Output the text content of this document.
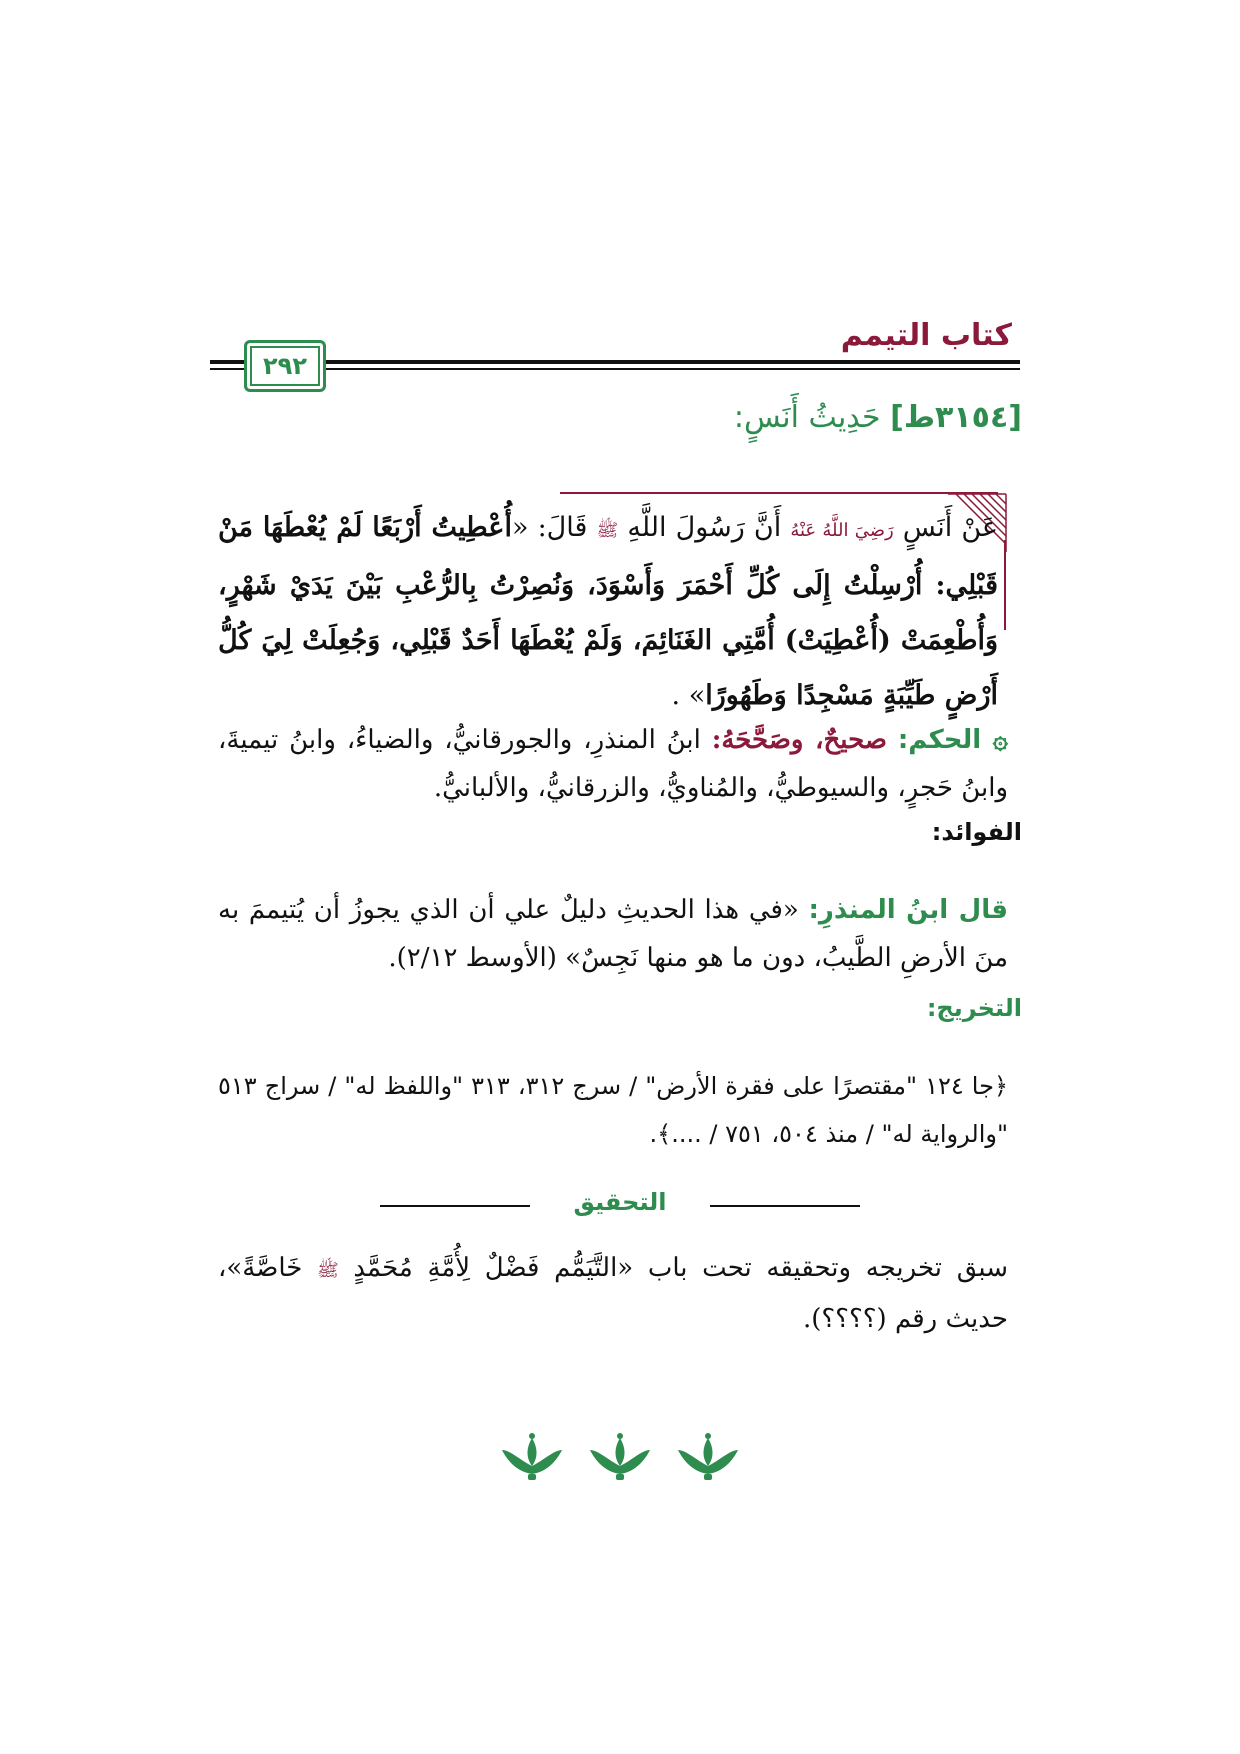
كتاب التيمم
٢٩٢
[٣١٥٤ط] حَدِيثُ أَنَسٍ:
عَنْ أَنَسٍ رَضِيَ اللَّهُ عَنْهُ أَنَّ رَسُولَ اللَّهِ ﷺ قَالَ: «أُعْطِيتُ أَرْبَعًا لَمْ يُعْطَهَا مَنْ قَبْلِي: أُرْسِلْتُ إِلَى كُلِّ أَحْمَرَ وَأَسْوَدَ، وَنُصِرْتُ بِالرُّعْبِ بَيْنَ يَدَيْ شَهْرٍ، وَأُطْعِمَتْ (أُعْطِيَتْ) أُمَّتِي الغَنَائِمَ، وَلَمْ يُعْطَهَا أَحَدٌ قَبْلِي، وَجُعِلَتْ لِيَ كُلُّ أَرْضٍ طَيِّبَةٍ مَسْجِدًا وَطَهُورًا» .
۞ الحكم: صحيحٌ، وصَحَّحَهُ: ابنُ المنذرِ، والجورقانيُّ، والضياءُ، وابنُ تيميةَ، وابنُ حَجرٍ، والسيوطيُّ، والمُناويُّ، والزرقانيُّ، والألبانيُّ.
الفوائد:
قال ابنُ المنذرِ: «في هذا الحديثِ دليلٌ علي أن الذي يجوزُ أن يُتيممَ به منَ الأرضِ الطَّيبُ، دون ما هو منها نَجِسٌ» (الأوسط ٢/١٢).
التخريج:
﴿جا ١٢٤ "مقتصرًا على فقرة الأرض" / سرج ٣١٢، ٣١٣ "واللفظ له" / سراج ٥١٣ "والرواية له" / منذ ٥٠٤، ٧٥١ / ....﴾.
التحقيق
سبق تخريجه وتحقيقه تحت باب «التَّيَمُّم فَضْلٌ لِأُمَّةِ مُحَمَّدٍ ﷺ خَاصَّةً»، حديث رقم (؟؟؟؟).
